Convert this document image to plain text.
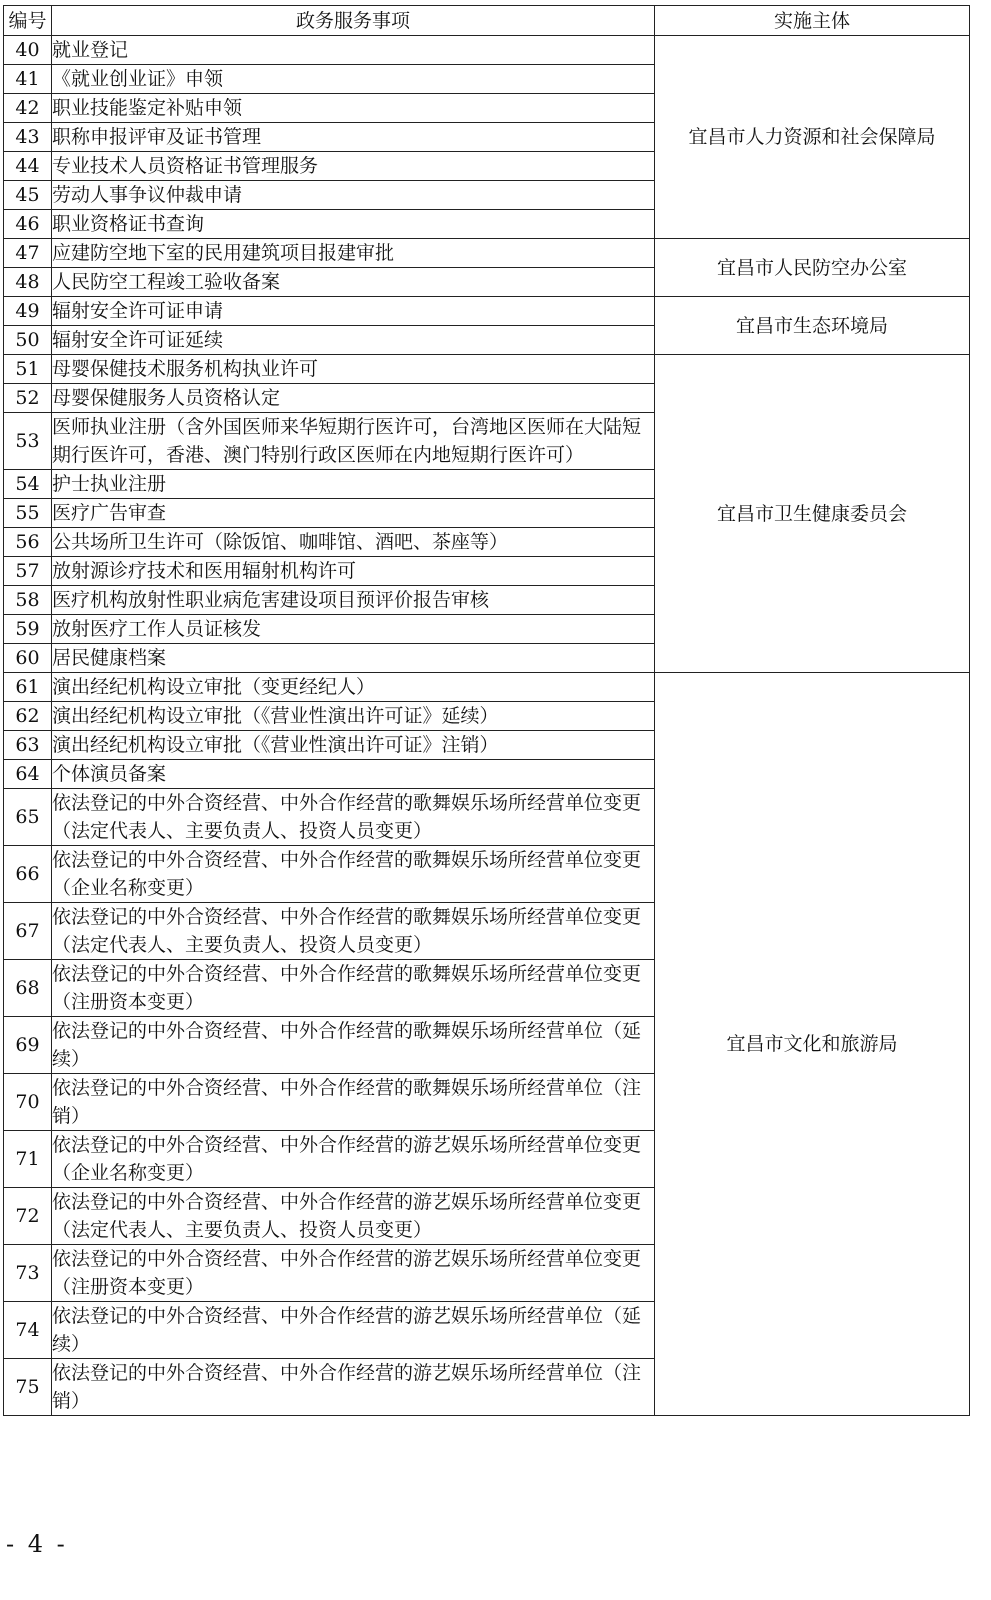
编号	政务服务事项	实施主体
40	就业登记	宜昌市人力资源和社会保障局
41	《就业创业证》申领	
42	职业技能鉴定补贴申领	
43	职称申报评审及证书管理	
44	专业技术人员资格证书管理服务	
45	劳动人事争议仲裁申请	
46	职业资格证书查询	
47	应建防空地下室的民用建筑项目报建审批	宜昌市人民防空办公室
48	人民防空工程竣工验收备案	
49	辐射安全许可证申请	宜昌市生态环境局
50	辐射安全许可证延续	
51	母婴保健技术服务机构执业许可	宜昌市卫生健康委员会
52	母婴保健服务人员资格认定	
53	医师执业注册（含外国医师来华短期行医许可，台湾地区医师在大陆短期行医许可，香港、澳门特别行政区医师在内地短期行医许可）	
54	护士执业注册	
55	医疗广告审查	
56	公共场所卫生许可（除饭馆、咖啡馆、酒吧、茶座等）	
57	放射源诊疗技术和医用辐射机构许可	
58	医疗机构放射性职业病危害建设项目预评价报告审核	
59	放射医疗工作人员证核发	
60	居民健康档案	
61	演出经纪机构设立审批（变更经纪人）	宜昌市文化和旅游局
62	演出经纪机构设立审批（《营业性演出许可证》延续）	
63	演出经纪机构设立审批（《营业性演出许可证》注销）	
64	个体演员备案	
65	依法登记的中外合资经营、中外合作经营的歌舞娱乐场所经营单位变更（法定代表人、主要负责人、投资人员变更）	
66	依法登记的中外合资经营、中外合作经营的歌舞娱乐场所经营单位变更（企业名称变更）	
67	依法登记的中外合资经营、中外合作经营的歌舞娱乐场所经营单位变更（法定代表人、主要负责人、投资人员变更）	
68	依法登记的中外合资经营、中外合作经营的歌舞娱乐场所经营单位变更（注册资本变更）	
69	依法登记的中外合资经营、中外合作经营的歌舞娱乐场所经营单位（延续）	
70	依法登记的中外合资经营、中外合作经营的歌舞娱乐场所经营单位（注销）	
71	依法登记的中外合资经营、中外合作经营的游艺娱乐场所经营单位变更（企业名称变更）	
72	依法登记的中外合资经营、中外合作经营的游艺娱乐场所经营单位变更（法定代表人、主要负责人、投资人员变更）	
73	依法登记的中外合资经营、中外合作经营的游艺娱乐场所经营单位变更（注册资本变更）	
74	依法登记的中外合资经营、中外合作经营的游艺娱乐场所经营单位（延续）	
75	依法登记的中外合资经营、中外合作经营的游艺娱乐场所经营单位（注销）	
- 4 -
